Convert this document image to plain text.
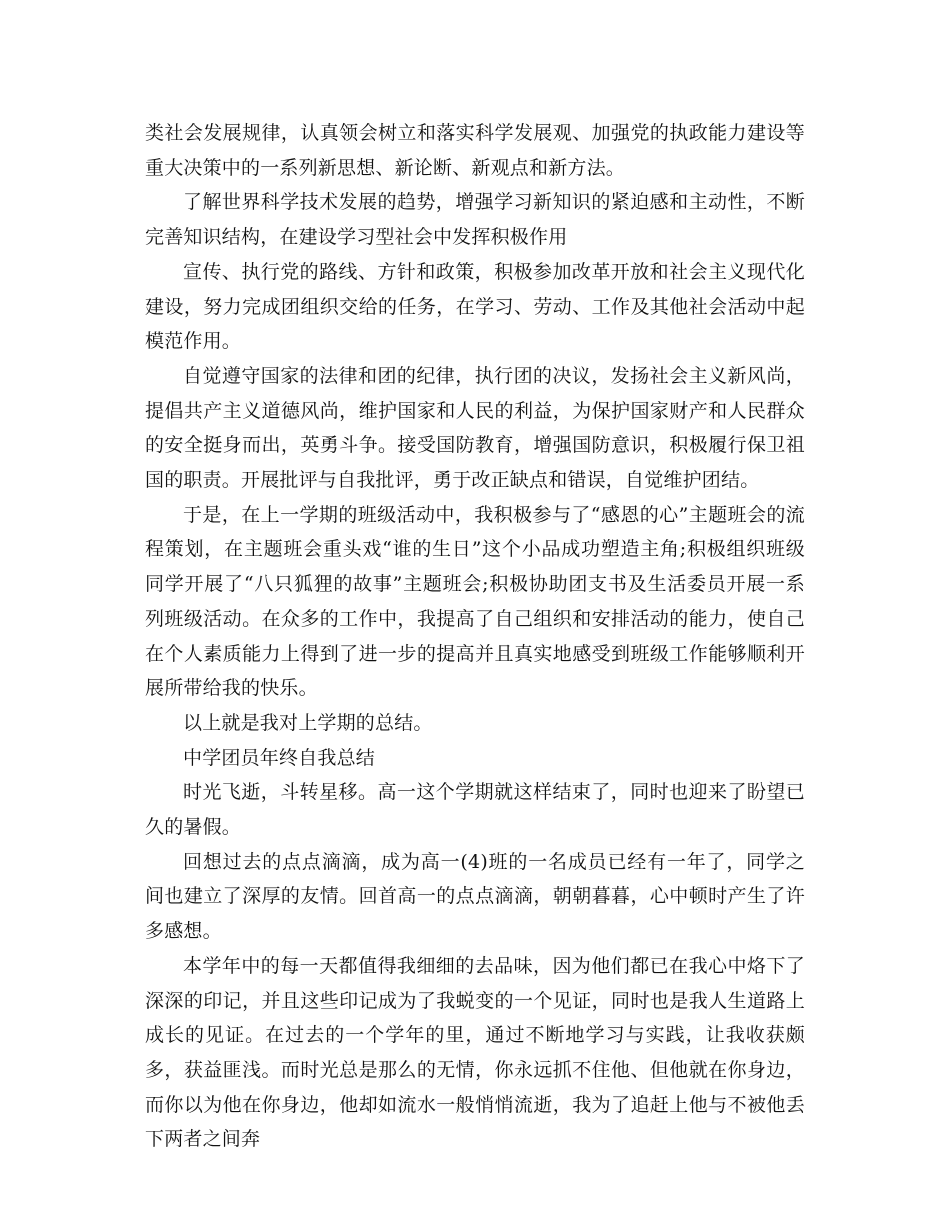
类社会发展规律，认真领会树立和落实科学发展观、加强党的执政能力建设等重大决策中的一系列新思想、新论断、新观点和新方法。

了解世界科学技术发展的趋势，增强学习新知识的紧迫感和主动性，不断完善知识结构，在建设学习型社会中发挥积极作用

宣传、执行党的路线、方针和政策，积极参加改革开放和社会主义现代化建设，努力完成团组织交给的任务，在学习、劳动、工作及其他社会活动中起模范作用。

自觉遵守国家的法律和团的纪律，执行团的决议，发扬社会主义新风尚，提倡共产主义道德风尚，维护国家和人民的利益，为保护国家财产和人民群众的安全挺身而出，英勇斗争。接受国防教育，增强国防意识，积极履行保卫祖国的职责。开展批评与自我批评，勇于改正缺点和错误，自觉维护团结。

于是，在上一学期的班级活动中，我积极参与了“感恩的心”主题班会的流程策划，在主题班会重头戏“谁的生日”这个小品成功塑造主角;积极组织班级同学开展了“八只狐狸的故事”主题班会;积极协助团支书及生活委员开展一系列班级活动。在众多的工作中，我提高了自己组织和安排活动的能力，使自己在个人素质能力上得到了进一步的提高并且真实地感受到班级工作能够顺利开展所带给我的快乐。

以上就是我对上学期的总结。

中学团员年终自我总结

时光飞逝，斗转星移。高一这个学期就这样结束了，同时也迎来了盼望已久的暑假。

回想过去的点点滴滴，成为高一(4)班的一名成员已经有一年了，同学之间也建立了深厚的友情。回首高一的点点滴滴，朝朝暮暮，心中顿时产生了许多感想。

本学年中的每一天都值得我细细的去品味，因为他们都已在我心中烙下了深深的印记，并且这些印记成为了我蜕变的一个见证，同时也是我人生道路上成长的见证。在过去的一个学年的里，通过不断地学习与实践，让我收获颇多，获益匪浅。而时光总是那么的无情，你永远抓不住他、但他就在你身边，而你以为他在你身边，他却如流水一般悄悄流逝，我为了追赶上他与不被他丢下两者之间奔
